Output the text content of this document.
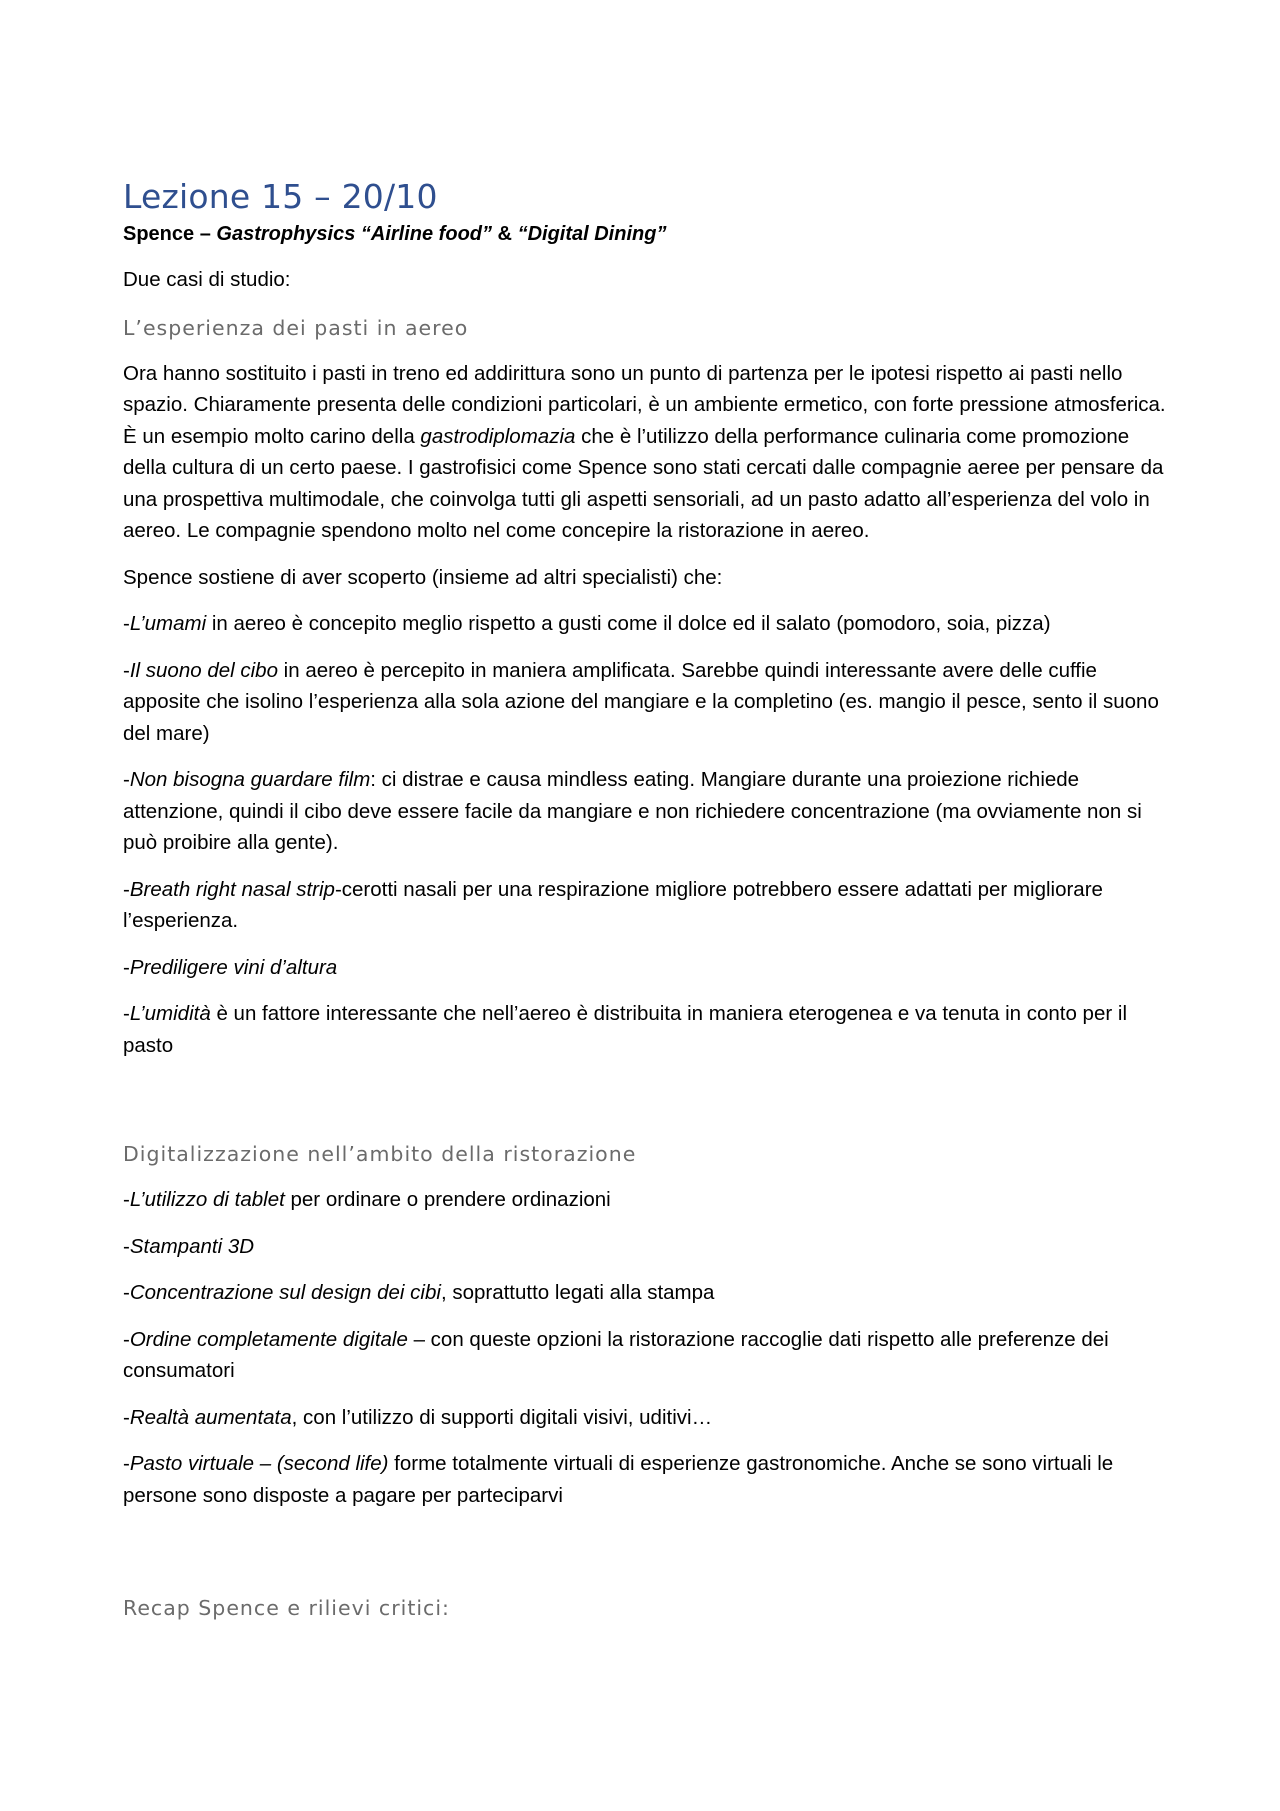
Lezione 15 – 20/10
Spence – Gastrophysics “Airline food” & “Digital Dining”

Due casi di studio:

L’esperienza dei pasti in aereo

Ora hanno sostituito i pasti in treno ed addirittura sono un punto di partenza per le ipotesi rispetto ai pasti nello spazio. Chiaramente presenta delle condizioni particolari, è un ambiente ermetico, con forte pressione atmosferica. È un esempio molto carino della gastrodiplomazia che è l’utilizzo della performance culinaria come promozione della cultura di un certo paese. I gastrofisici come Spence sono stati cercati dalle compagnie aeree per pensare da una prospettiva multimodale, che coinvolga tutti gli aspetti sensoriali, ad un pasto adatto all’esperienza del volo in aereo. Le compagnie spendono molto nel come concepire la ristorazione in aereo.

Spence sostiene di aver scoperto (insieme ad altri specialisti) che:

-L’umami in aereo è concepito meglio rispetto a gusti come il dolce ed il salato (pomodoro, soia, pizza)

-Il suono del cibo in aereo è percepito in maniera amplificata. Sarebbe quindi interessante avere delle cuffie apposite che isolino l’esperienza alla sola azione del mangiare e la completino (es. mangio il pesce, sento il suono del mare)

-Non bisogna guardare film: ci distrae e causa mindless eating. Mangiare durante una proiezione richiede attenzione, quindi il cibo deve essere facile da mangiare e non richiedere concentrazione (ma ovviamente non si può proibire alla gente).

-Breath right nasal strip-cerotti nasali per una respirazione migliore potrebbero essere adattati per migliorare l’esperienza.

-Prediligere vini d’altura

-L’umidità è un fattore interessante che nell’aereo è distribuita in maniera eterogenea e va tenuta in conto per il pasto

Digitalizzazione nell’ambito della ristorazione

-L’utilizzo di tablet per ordinare o prendere ordinazioni

-Stampanti 3D

-Concentrazione sul design dei cibi, soprattutto legati alla stampa

-Ordine completamente digitale – con queste opzioni la ristorazione raccoglie dati rispetto alle preferenze dei consumatori

-Realtà aumentata, con l’utilizzo di supporti digitali visivi, uditivi…

-Pasto virtuale – (second life) forme totalmente virtuali di esperienze gastronomiche. Anche se sono virtuali le persone sono disposte a pagare per parteciparvi

Recap Spence e rilievi critici:
